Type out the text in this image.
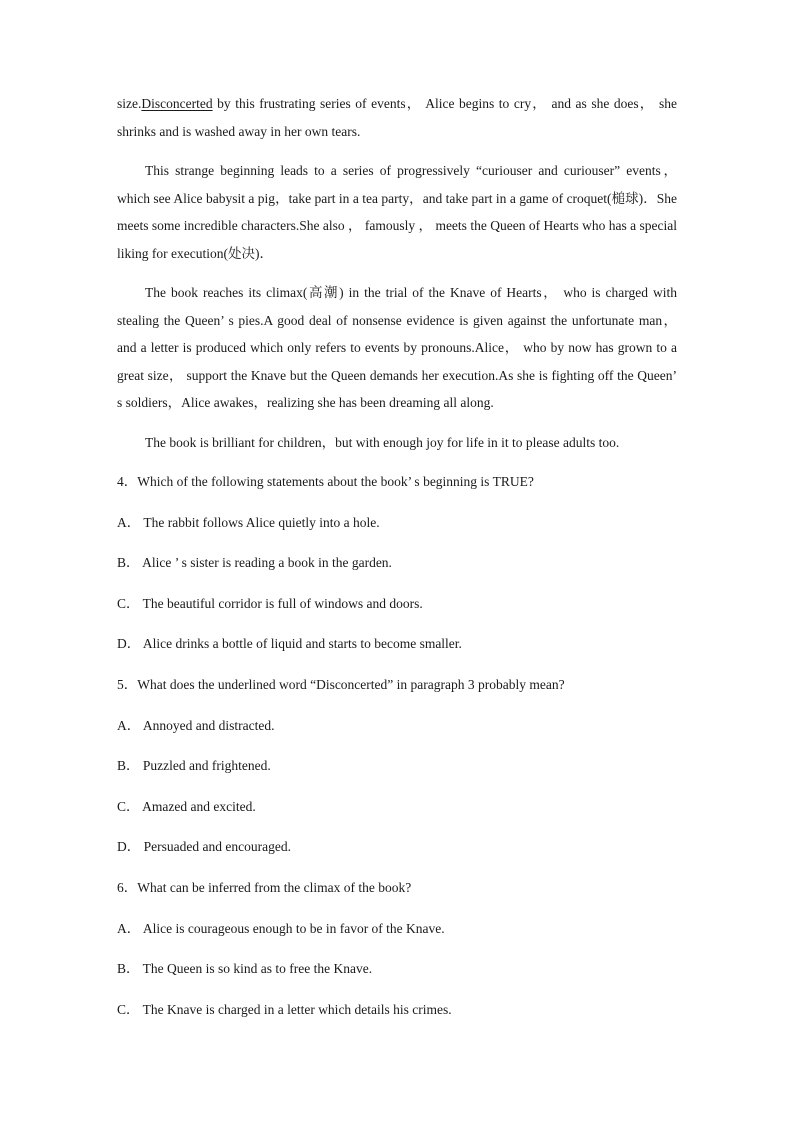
size.Disconcerted by this frustrating series of events， Alice begins to cry， and as she does， she shrinks and is washed away in her own tears.

This strange beginning leads to a series of progressively “curiouser and curiouser” events， which see Alice babysit a pig，take part in a tea party，and take part in a game of croquet(槌球)．She meets some incredible characters.She also ， famously ， meets the Queen of Hearts who has a special liking for execution(处决)．

The book reaches its climax(高潮) in the trial of the Knave of Hearts， who is charged with stealing the Queen’ s pies.A good deal of nonsense evidence is given against the unfortunate man， and a letter is produced which only refers to events by pronouns.Alice， who by now has grown to a great size， support the Knave but the Queen demands her execution.As she is fighting off the Queen’ s soldiers，Alice awakes，realizing she has been dreaming all along.

The book is brilliant for children，but with enough joy for life in it to please adults too.

4．Which of the following statements about the book’ s beginning is TRUE?

A． The rabbit follows Alice quietly into a hole.

B． Alice ’ s sister is reading a book in the garden.

C． The beautiful corridor is full of windows and doors.

D． Alice drinks a bottle of liquid and starts to become smaller.

5．What does the underlined word “Disconcerted” in paragraph 3 probably mean?

A． Annoyed and distracted.

B． Puzzled and frightened.

C． Amazed and excited.

D． Persuaded and encouraged.

6．What can be inferred from the climax of the book?

A． Alice is courageous enough to be in favor of the Knave.

B． The Queen is so kind as to free the Knave.

C． The Knave is charged in a letter which details his crimes.
